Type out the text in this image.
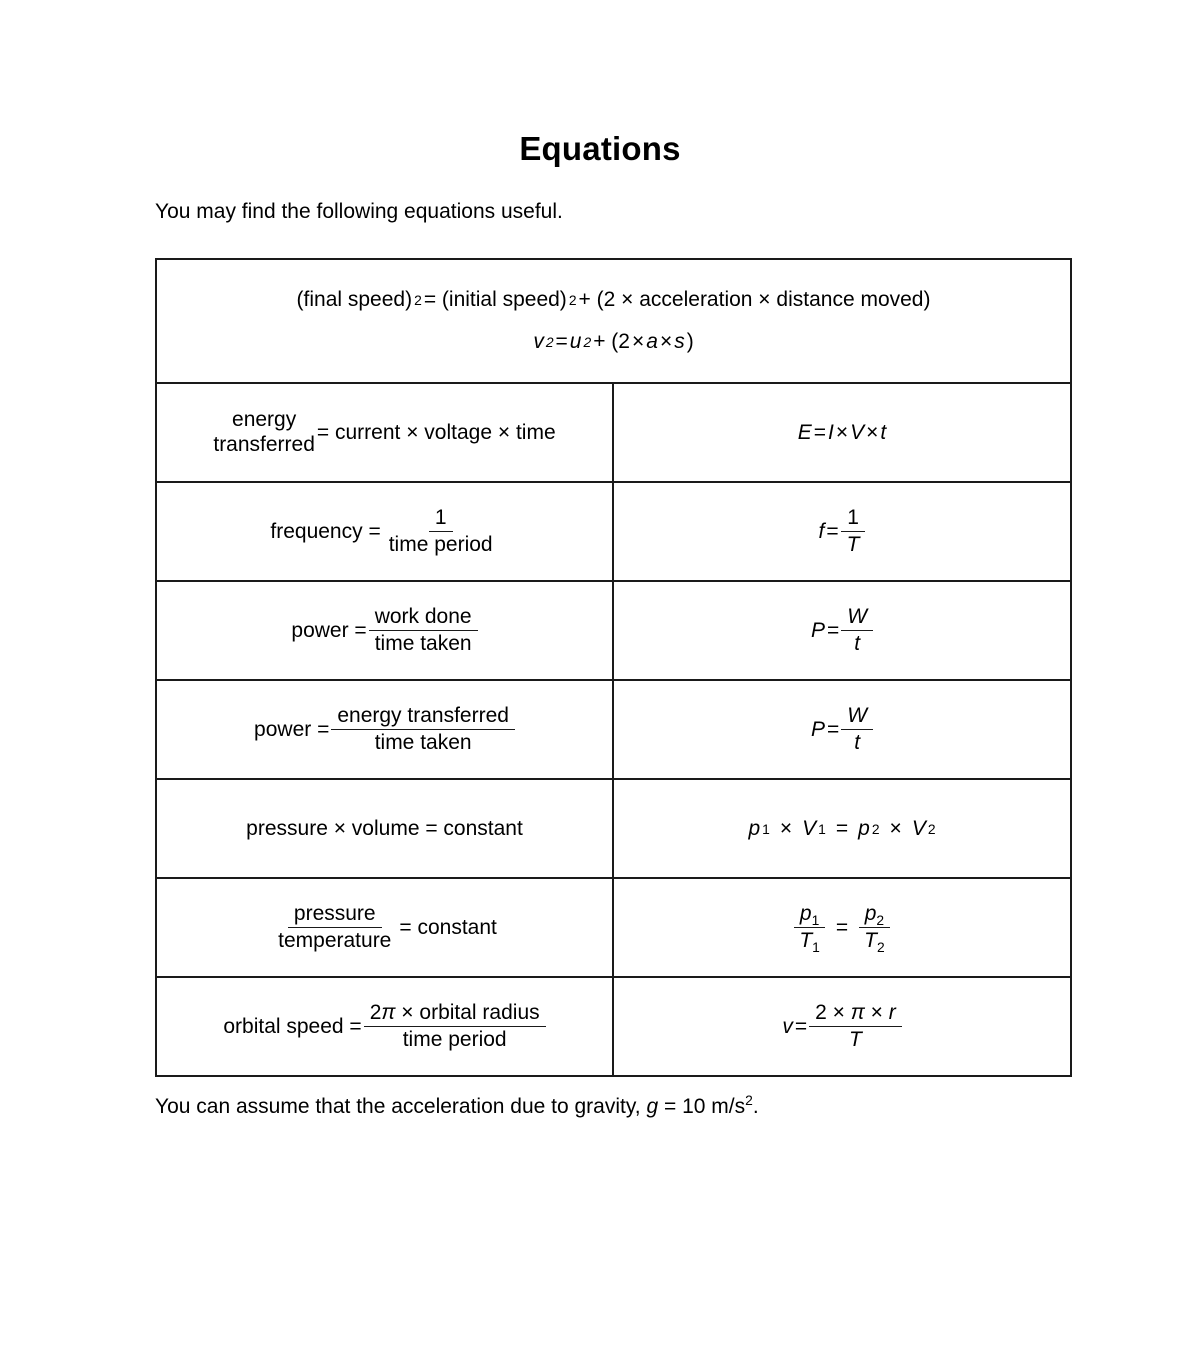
Equations
You may find the following equations useful.
(final speed) 2 = (initial speed) 2 + (2 × acceleration × distance moved)
v 2 = u 2 + (2 × a × s )

energy
transferred
= current × voltage × time	E = I × V × t

frequency = $\frac{1}{\text{time period}}$	$f = \frac{1}{T}$

power = $\frac{\text{work done}}{\text{time taken}}$	$P = \frac{W}{t}$

power = $\frac{\text{energy transferred}}{\text{time taken}}$	$P = \frac{W}{t}$

pressure × volume = constant	p 1 × V 1 = p 2 × V 2

$\frac{\text{pressure}}{\text{temperature}}$ = constant	$\frac{p_1}{T_1} = \frac{p_2}{T_2}$

orbital speed = $\frac{\text{2π × orbital radius}}{\text{time period}}$	$v = \frac{2 \times \pi \times r}{T}$
You can assume that the acceleration due to gravity, g = 10 $m/s^2$.
